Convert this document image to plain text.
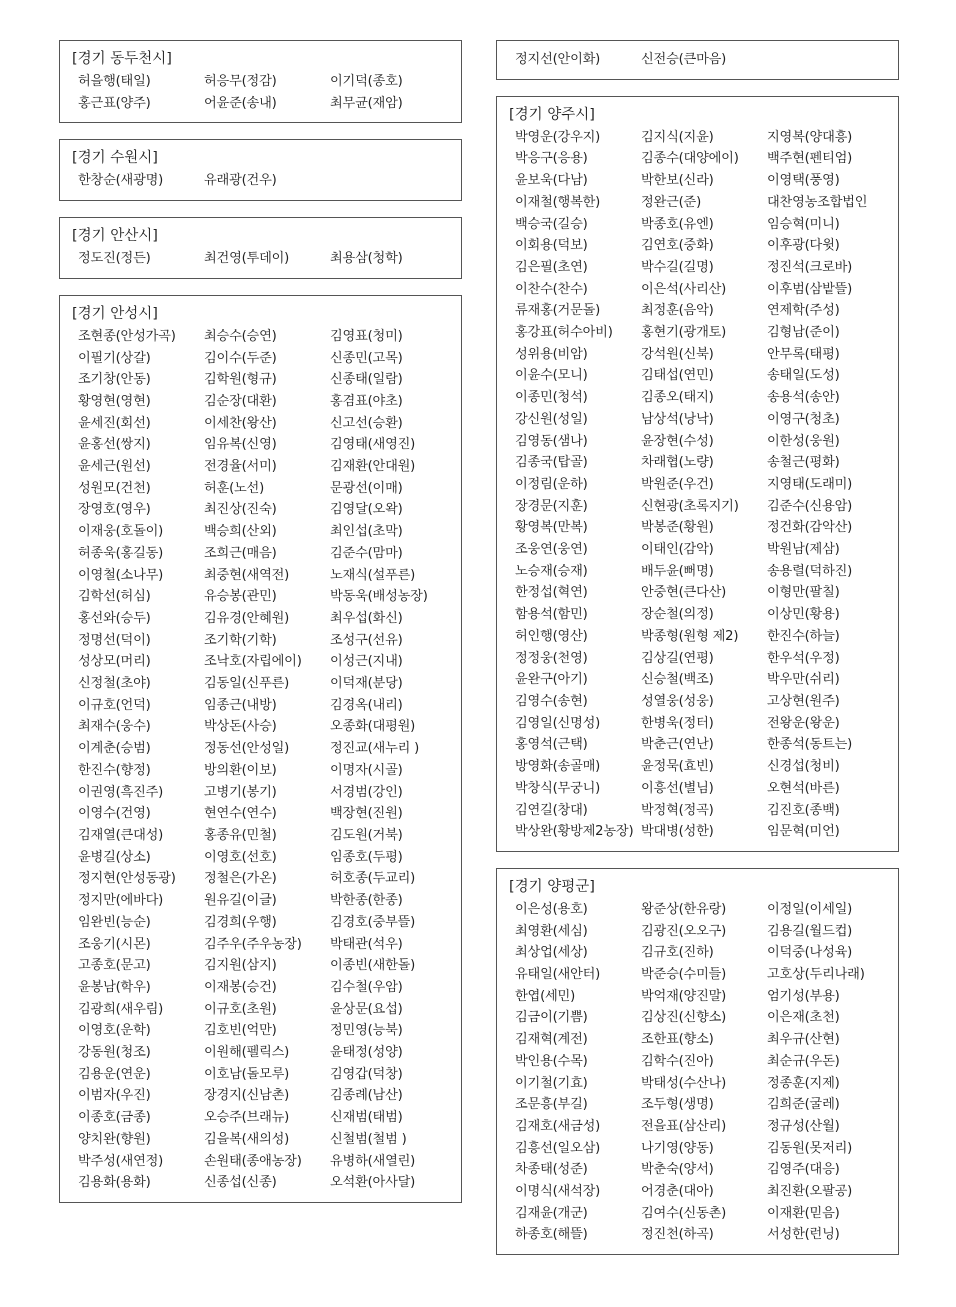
[경기 동두천시]
허을행(태일)	허응무(정감)	이기덕(종호)
홍근표(양주)	어윤준(송내)	최무균(재암)
[경기 수원시]
한창순(새광명)	유래광(건우)
[경기 안산시]
정도진(정든)	최건영(투데이)	최용삼(청학)
[경기 안성시]
조현종(안성가곡)	최승수(승연)	김영표(청미)
이필기(상갈)	김이수(두준)	신종민(고목)
조기창(안동)	김학원(형규)	신종태(일람)
황영현(영현)	김순장(대환)	홍겸표(야초)
윤세진(회선)	이세찬(왕산)	신고선(승환)
윤홍선(쌍지)	임유복(신영)	김영태(새영진)
윤세근(원선)	전경율(서미)	김재환(안대원)
성원모(건천)	허훈(노선)	문광선(이매)
장영호(영우)	최진상(진숙)	김영달(오왁)
이재웅(호돌이)	백승희(산외)	최인섭(초막)
허종욱(홍길동)	조희근(매음)	김준수(맘마)
이영철(소나무)	최중현(새역전)	노재식(설푸른)
김학선(허심)	유승봉(관민)	박동욱(배성농장)
홍선와(승두)	김유경(안혜원)	최우섭(화신)
정명선(덕이)	조기학(기학)	조성구(선유)
성상모(머리)	조낙호(자립에이)	이성근(지내)
신정철(초야)	김동일(신푸른)	이덕재(분당)
이규호(언덕)	임종근(내방)	김경옥(내리)
최재수(웅수)	박상돈(사승)	오종화(대평원)
이계춘(승범)	정동선(안성일)	정진교(새누리 )
한진수(향정)	방의환(이보)	이명자(시골)
이권영(흑진주)	고병기(봉기)	서경범(강인)
이영수(건영)	현연수(연수)	백장현(진원)
김재열(큰대성)	홍종유(민철)	김도원(거북)
윤병길(상소)	이영호(선호)	임종호(두평)
정지현(안성동광)	정철은(가온)	허호종(두교리)
정지만(에바다)	원유길(이글)	박한종(한종)
임완빈(능순)	김경희(우행)	김경호(중부뜰)
조웅기(시몬)	김주우(주우농장)	박태관(석우)
고종호(문고)	김지원(삼지)	이종빈(새한돌)
윤봉남(학우)	이재봉(승건)	김수철(우암)
김광희(새우림)	이규호(초원)	윤상문(요섭)
이영호(운학)	김호빈(억만)	정민영(능북)
강동원(청조)	이원해(펠릭스)	윤태정(성양)
김용운(연운)	이호남(돌모루)	김영갑(덕창)
이범자(우진)	장경지(신남촌)	김종례(남산)
이종호(금종)	오승주(브래뉴)	신재범(태범)
양치완(향원)	김을복(새의성)	신철범(철범 )
박주성(새연정)	손원태(종애농장)	유병하(새열린)
김용화(용화)	신종섭(신종)	오석환(아사달)
정지선(안이화)	신전승(큰마음)
[경기 양주시]
박영운(강우지)	김지식(지윤)	지영복(양대흥)
박응구(응용)	김종수(대양에이)	백주현(펜티엄)
윤보욱(다남)	박한보(신라)	이영택(풍영)
이재철(행복한)	정완근(준)	대찬영농조합법인
백승국(길승)	박종호(유엔)	임승혁(미니)
이회용(덕보)	김연호(중화)	이후광(다윗)
김은필(초연)	박수길(길명)	정진석(크로바)
이찬수(찬수)	이은석(사리산)	이후범(삼밭뜰)
류재홍(거문돌)	최정훈(음악)	연제학(주성)
홍강표(허수아비)	홍현기(광개토)	김형남(준이)
성위용(비암)	강석원(신북)	안무록(태평)
이윤수(모니)	김태섭(연민)	송태일(도성)
이종민(청석)	김종오(태지)	송용석(송안)
강신원(성일)	남상석(낭낙)	이영구(청초)
김영동(샘나)	윤장현(수성)	이한성(웅원)
김종국(탑골)	차래협(노량)	송철근(평화)
이정림(운하)	박원준(우건)	지영태(도래미)
장경문(지훈)	신현광(초록지기)	김준수(신용암)
황영복(만복)	박봉준(황원)	정건화(감악산)
조웅연(웅연)	이태인(감악)	박원남(제삼)
노승재(승재)	배두윤(뻐명)	송용렬(덕하진)
한정섭(혁연)	안중현(큰다산)	이형만(팔칠)
함용석(함민)	장순철(의정)	이상민(황용)
허인행(영산)	박종형(원형 제2)	한진수(하늘)
정정웅(천영)	김상길(연평)	한우석(우정)
윤완구(아기)	신승철(백조)	박우만(쉬리)
김영수(송현)	성열웅(성웅)	고상현(원주)
김영일(신명성)	한병욱(정터)	전왕운(왕운)
홍영석(근택)	박춘근(연난)	한종석(동트는)
방영화(송골매)	윤정묵(효빈)	신경섭(청비)
박창식(무궁니)	이흥선(별님)	오현석(바른)
김연길(창대)	박정혁(정곡)	김진호(종백)
박상완(황방제2농장) 박대병(성한)	임문혁(미언)
[경기 양평군]
이은성(용호)	왕준상(한유랑)	이정일(이세일)
최영환(세심)	김광진(오오구)	김용길(월드컵)
최상업(세상)	김규호(진하)	이덕중(나성육)
유태일(새안터)	박준승(수미들)	고호상(두리나래)
한엽(세민)	박억재(양진말)	엄기성(부용)
김금이(기쁨)	김상진(신향소)	이은재(초천)
김재혁(계전)	조한표(향소)	최우규(산현)
박인용(수목)	김학수(진아)	최순규(우돈)
이기철(기효)	박태성(수산나)	정종훈(지제)
조문흥(부길)	조두형(생명)	김희준(굴레)
김재호(새금성)	전을표(삼산리)	정규성(산월)
김흥선(일오삼)	나기영(양동)	김동원(못저리)
차종태(성준)	박춘숙(양서)	김영주(대응)
이명식(새석장)	어경춘(대아)	최진환(오팔공)
김재윤(개군)	김여수(신동촌)	이재환(믿음)
하종호(해뜰)	정진천(하곡)	서성한(런닝)
